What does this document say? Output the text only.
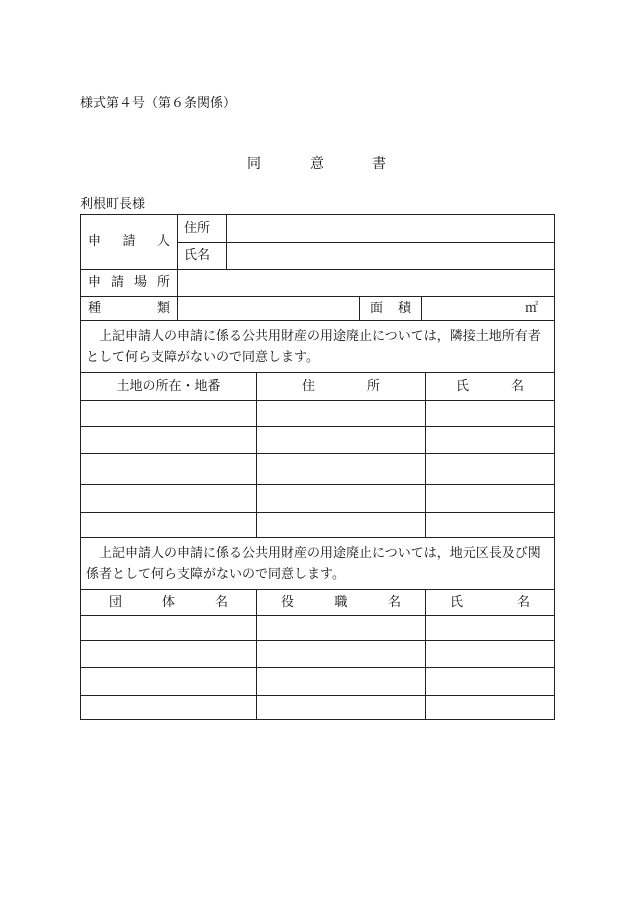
様式第４号（第６条関係）
同	意	書
利根町長様
申 請 人	住所			
	氏名			

申 請 場 所				

種 類			面 積	㎡
上記申請人の申請に係る公共用財産の用途廃止については，隣接土地所有者として何ら支障がないので同意します。		
土地の所在・地番	住 所	氏 名

上記申請人の申請に係る公共用財産の用途廃止については，地元区長及び関係者として何ら支障がないので同意します。		

団 体 名	役 職 名	氏 名
